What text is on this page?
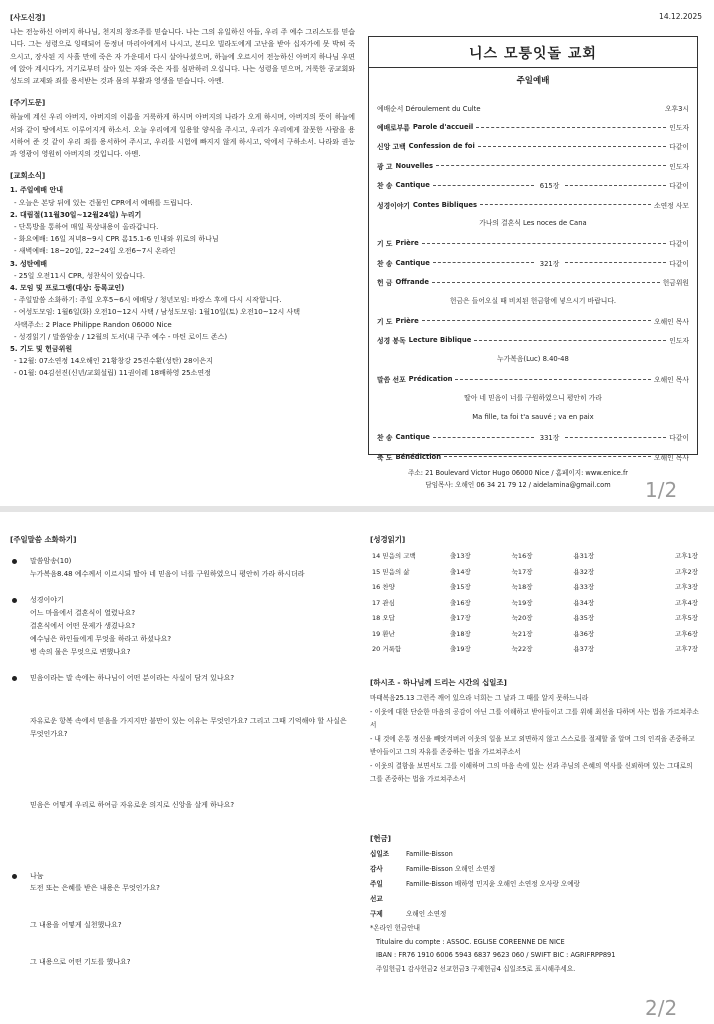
[사도신경]
나는 전능하신 아버지 하나님, 천지의 창조주를 믿습니다. 나는 그의 유일하신 아들, 우리 주 예수 그리스도를 믿습니다. 그는 성령으로 잉태되어 동정녀 마리아에게서 나시고, 본디오 빌라도에게 고난을 받아 십자가에 못 박혀 죽으시고, 장사된 지 사흘 만에 죽은 자 가운데서 다시 살아나셨으며, 하늘에 오르시어 전능하신 아버지 하나님 우편에 앉아 계시다가, 거기로부터 살아 있는 자와 죽은 자를 심판하러 오십니다. 나는 성령을 믿으며, 거룩한 공교회와 성도의 교제와 죄를 용서받는 것과 몸의 부활과 영생을 믿습니다. 아멘.
[주기도문]
하늘에 계신 우리 아버지, 아버지의 이름을 거룩하게 하시며 아버지의 나라가 오게 하시며, 아버지의 뜻이 하늘에서와 같이 땅에서도 이루어지게 하소서. 오늘 우리에게 일용할 양식을 주시고, 우리가 우리에게 잘못한 사람을 용서하여 준 것 같이 우리 죄를 용서하여 주시고, 우리를 시험에 빠지지 않게 하시고, 악에서 구하소서. 나라와 권능과 영광이 영원히 아버지의 것입니다. 아멘.
[교회소식]
1. 주일예배 안내
- 오늘은 본당 뒤에 있는 건물인 CPR에서 예배를 드립니다.
2. 대림절(11월30일~12월24일) 누리기
- 단톡방을 통하여 매일 묵상내용이 올라갑니다.
- 화요예배: 16일 저녁8~9시 CPR 롬15.1-6 인내와 위로의 하나님
- 새벽예배: 18~20일, 22~24일 오전6~7시 온라인
3. 성탄예배
- 25일 오전11시 CPR, 성찬식이 있습니다.
4. 모임 및 프로그램(대상: 등록교인)
- 주일말씀 소화하기: 주일 오후5~6시 예배당 / 청년모임: 바캉스 후에 다시 시작합니다.
- 여성도모임: 1월6일(화) 오전10~12시 사택 / 남성도모임: 1월10일(토) 오전10~12시 사택
사택주소: 2 Place Philippe Randon 06000 Nice
- 성경읽기 / 말씀암송 / 12월의 도서(내 구주 예수 - 마틴 로이드 존스)
5. 기도 및 헌금위원
- 12월: 07소연정 14오해인 21황창강 25진수환(성탄) 28이은지
- 01월: 04김선진(신년/교회설립) 11권이레 18배하영 25소연정
14.12.2025
니스 모퉁잇돌 교회
주일예배
예배순서 Déroulement du Culte	오후3시
예배로부름 Parole d'accueil	인도자
신앙 고백 Confession de foi	다같이
광 고 Nouvelles	인도자
찬 송 Cantique	615장	다같이
성경이야기 Contes Bibliques	소연정 사모
가나의 결혼식 Les noces de Cana
기 도 Prière	다같이
찬 송 Cantique	321장	다같이
헌 금 Offrande	헌금위원
헌금은 들어오실 때 비치된 헌금함에 넣으시기 바랍니다.
기 도 Prière	오해인 목사
성경 봉독 Lecture Biblique	인도자
누가복음(Luc) 8.40-48
말씀 선포 Prédication	오해인 목사
딸아 네 믿음이 너를 구원하였으니 평안히 가라
Ma fille, ta foi t'a sauvé ; va en paix
찬 송 Cantique	331장	다같이
축 도 Bénédiction	오해인 목사
주소: 21 Boulevard Victor Hugo 06000 Nice / 홈페이지: www.enice.fr
담임목사: 오해인 06 34 21 79 12 / aidelamina@gmail.com	1/2
[주일말씀 소화하기]
말씀암송(10)
누가복음8.48 예수께서 이르시되 딸아 네 믿음이 너를 구원하였으니 평안히 가라 하시더라
성경이야기
어느 마을에서 결혼식이 열렸나요?
결혼식에서 어떤 문제가 생겼나요?
예수님은 하인들에게 무엇을 하라고 하셨나요?
병 속의 물은 무엇으로 변했나요?
믿음이라는 말 속에는 하나님이 어떤 분이라는 사실이 담겨 있나요?
자유로운 항복 속에서 믿음을 가지지만 불만이 있는 이유는 무엇인가요? 그리고 그때 기억해야 할 사실은 무엇인가요?
믿음은 어떻게 우리로 하여금 자유로운 의지로 신앙을 살게 하나요?
나눔
도전 또는 은혜를 받은 내용은 무엇인가요?
그 내용을 어떻게 실천했나요?
그 내용으로 어떤 기도를 했나요?
[성경읽기]
14 믿음의 고백	출13장	눅16장	욥31장	고후1장
15 믿음의 삶	출14장	눅17장	욥32장	고후2장
16 찬양	출15장	눅18장	욥33장	고후3장
17 관심	출16장	눅19장	욥34장	고후4장
18 오답	출17장	눅20장	욥35장	고후5장
19 환난	출18장	눅21장	욥36장	고후6장
20 거룩함	출19장	눅22장	욥37장	고후7장
[하시조 - 하나님께 드리는 시간의 십일조]
마태복음25.13 그런즉 깨어 있으라 너희는 그 날과 그 때를 알지 못하느니라
- 이웃에 대한 단순한 마음의 공감이 아닌 그를 이해하고 받아들이고 그를 위해 최선을 다하며 사는 법을 가르쳐주소서
- 내 것에 온통 정신을 빼앗겨버려 이웃의 일을 보고 외면하지 않고 스스로를 절제할 줄 알며 그의 인격을 존중하고 받아들이고 그의 자유를 존중하는 법을 가르쳐주소서
- 이웃의 결함을 보면서도 그를 이해하며 그의 마음 속에 있는 선과 주님의 은혜의 역사를 신뢰하며 있는 그대로의 그를 존중하는 법을 가르쳐주소서
[헌금]
십일조	Famille-Bisson
감사	Famille-Bisson 오해인 소연정
주일	Famille-Bisson 배하영 민지윤 오해인 소연정 오사랑 오예랑
선교	
구제	오해인 소연정
*온라인 헌금안내
Titulaire du compte : ASSOC. EGLISE COREENNE DE NICE
IBAN : FR76 1910 6006 5943 6837 9623 060 / SWIFT BIC : AGRIFRPP891
주일헌금1 감사헌금2 선교헌금3 구제헌금4 십일조5로 표시해주세요.
2/2
